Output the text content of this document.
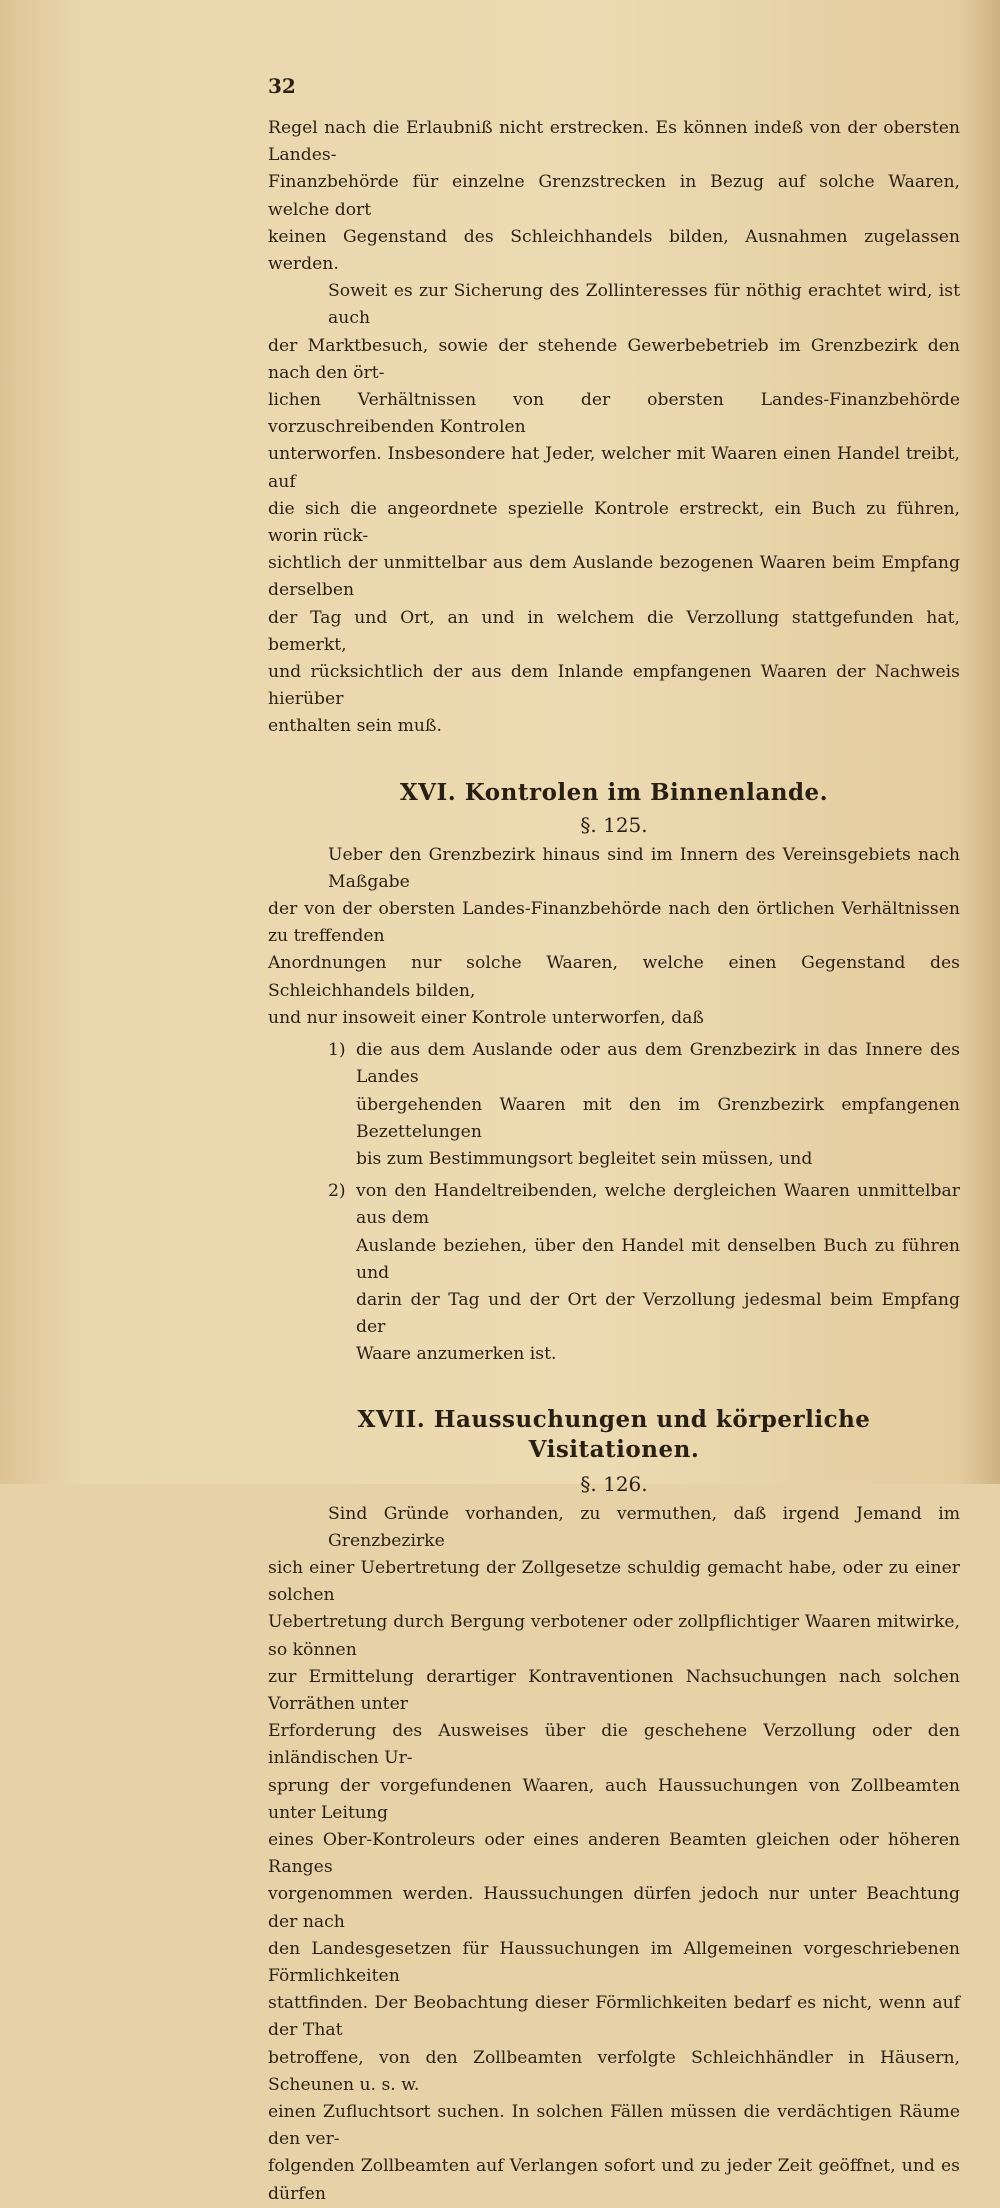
32
Regel nach die Erlaubniß nicht erstrecken. Es können indeß von der obersten Landes-
Finanzbehörde für einzelne Grenzstrecken in Bezug auf solche Waaren, welche dort
keinen Gegenstand des Schleichhandels bilden, Ausnahmen zugelassen werden.
Soweit es zur Sicherung des Zollinteresses für nöthig erachtet wird, ist auch
der Marktbesuch, sowie der stehende Gewerbebetrieb im Grenzbezirk den nach den ört-
lichen Verhältnissen von der obersten Landes-Finanzbehörde vorzuschreibenden Kontrolen
unterworfen. Insbesondere hat Jeder, welcher mit Waaren einen Handel treibt, auf
die sich die angeordnete spezielle Kontrole erstreckt, ein Buch zu führen, worin rück-
sichtlich der unmittelbar aus dem Auslande bezogenen Waaren beim Empfang derselben
der Tag und Ort, an und in welchem die Verzollung stattgefunden hat, bemerkt,
und rücksichtlich der aus dem Inlande empfangenen Waaren der Nachweis hierüber
enthalten sein muß.
XVI. Kontrolen im Binnenlande.
§. 125.
Ueber den Grenzbezirk hinaus sind im Innern des Vereinsgebiets nach Maßgabe
der von der obersten Landes-Finanzbehörde nach den örtlichen Verhältnissen zu treffenden
Anordnungen nur solche Waaren, welche einen Gegenstand des Schleichhandels bilden,
und nur insoweit einer Kontrole unterworfen, daß
1) die aus dem Auslande oder aus dem Grenzbezirk in das Innere des Landes
übergehenden Waaren mit den im Grenzbezirk empfangenen Bezettelungen
bis zum Bestimmungsort begleitet sein müssen, und
2) von den Handeltreibenden, welche dergleichen Waaren unmittelbar aus dem
Auslande beziehen, über den Handel mit denselben Buch zu führen und
darin der Tag und der Ort der Verzollung jedesmal beim Empfang der
Waare anzumerken ist.
XVII. Haussuchungen und körperliche Visitationen.
§. 126.
Sind Gründe vorhanden, zu vermuthen, daß irgend Jemand im Grenzbezirke
sich einer Uebertretung der Zollgesetze schuldig gemacht habe, oder zu einer solchen
Uebertretung durch Bergung verbotener oder zollpflichtiger Waaren mitwirke, so können
zur Ermittelung derartiger Kontraventionen Nachsuchungen nach solchen Vorräthen unter
Erforderung des Ausweises über die geschehene Verzollung oder den inländischen Ur-
sprung der vorgefundenen Waaren, auch Haussuchungen von Zollbeamten unter Leitung
eines Ober-Kontroleurs oder eines anderen Beamten gleichen oder höheren Ranges
vorgenommen werden. Haussuchungen dürfen jedoch nur unter Beachtung der nach
den Landesgesetzen für Haussuchungen im Allgemeinen vorgeschriebenen Förmlichkeiten
stattfinden. Der Beobachtung dieser Förmlichkeiten bedarf es nicht, wenn auf der That
betroffene, von den Zollbeamten verfolgte Schleichhändler in Häusern, Scheunen u. s. w.
einen Zufluchtsort suchen. In solchen Fällen müssen die verdächtigen Räume den ver-
folgenden Zollbeamten auf Verlangen sofort und zu jeder Zeit geöffnet, und es dürfen
